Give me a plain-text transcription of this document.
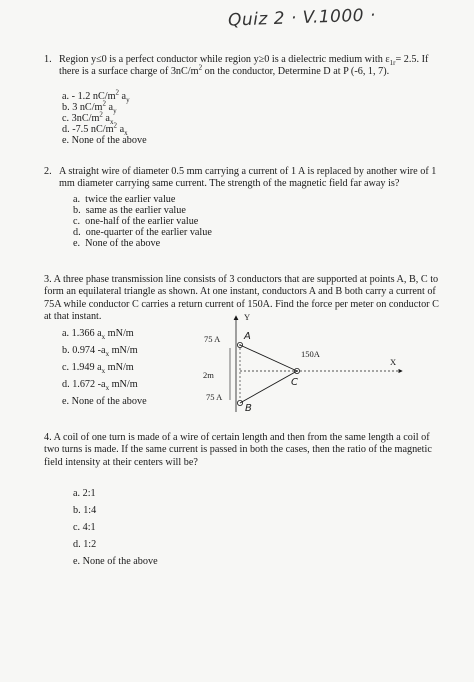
Quiz 2 · V.1000 ·
1. Region y≤0 is a perfect conductor while region y≥0 is a dielectric medium with $\varepsilon_{1r}= 2.5$. If there is a surface charge of $3nC/m^2$ on the conductor, Determine D at P (-6, 1, 7).

a. - 1.2 $nC/m^2$ $a_y$
b. 3 $nC/m^2$ $a_y$
c. $3nC/m^2$ $a_x$
d. -7.5 $nC/m^2$ $a_x$
e. None of the above
2. A straight wire of diameter 0.5 mm carrying a current of 1 A is replaced by another wire of 1 mm diameter carrying same current. The strength of the magnetic field far away is?

a. twice the earlier value
b. same as the earlier value
c. one-half of the earlier value
d. one-quarter of the earlier value
e. None of the above

3. A three phase transmission line consists of 3 conductors that are supported at points A, B, C to form an equilateral triangle as shown. At one instant, conductors A and B both carry a current of 75A while conductor C carries a return current of 150A. Find the force per meter on conductor C at that instant.

a. 1.366 $a_x$ mN/m
b. 0.974 $-a_x$ mN/m
c. 1.949 $a_x$ mN/m
d. 1.672 $-a_x$ mN/m
e. None of the above
Y
X
2m
75 A
75 A
150A
A
B
C

4. A coil of one turn is made of a wire of certain length and then from the same length a coil of two turns is made. If the same current is passed in both the cases, then the ratio of the magnetic field intensity at their centers will be?

a. 2:1
b. 1:4
c. 4:1
d. 1:2
e. None of the above
